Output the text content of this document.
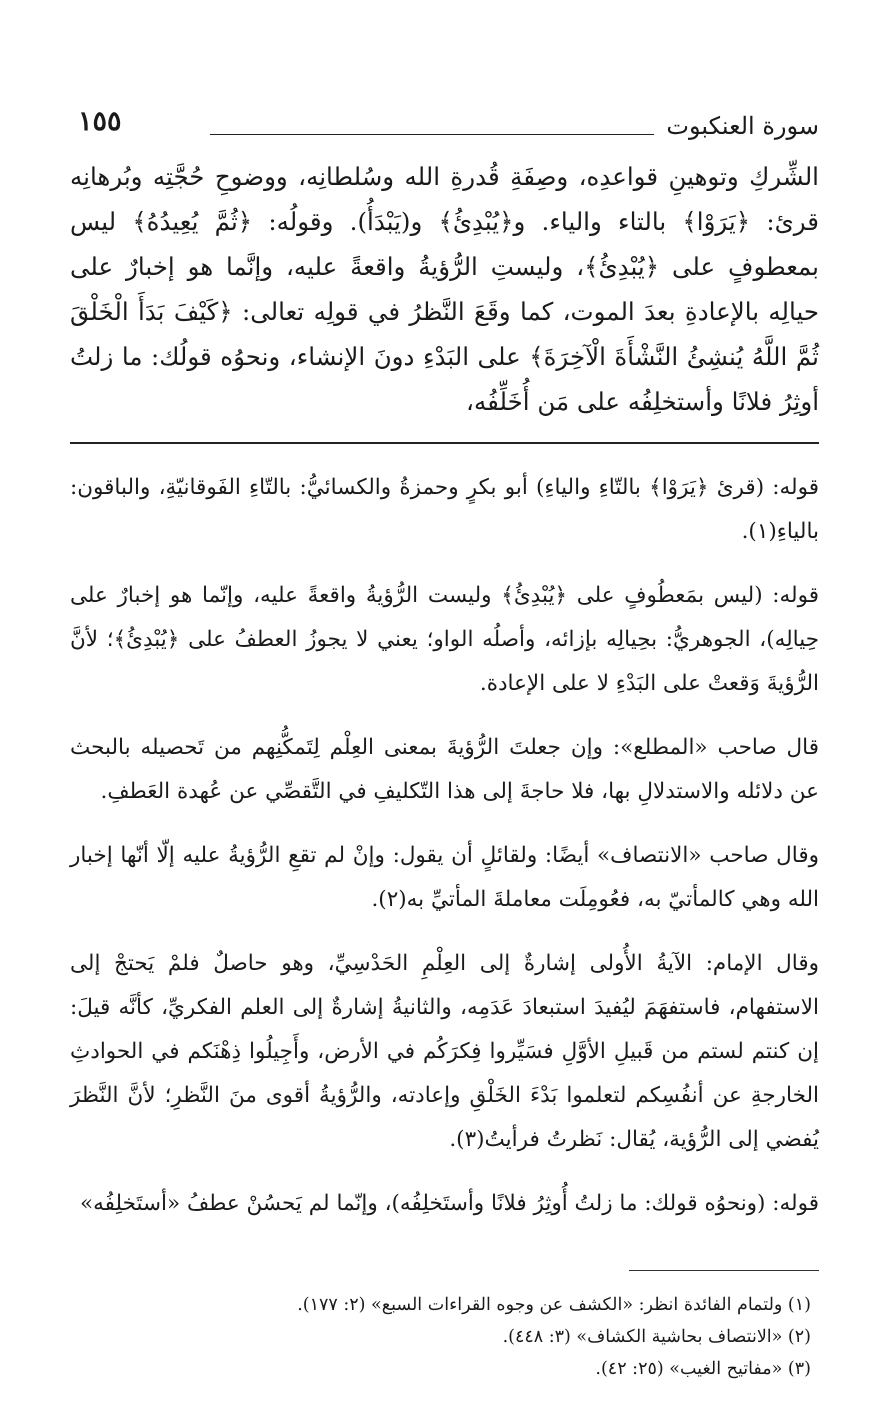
١٥٥	سورة العنكبوت

الشِّركِ وتوهينِ قواعدِه، وصِفَةِ قُدرةِ الله وسُلطانِه، ووضوحِ حُجَّتِه وبُرهانِه قرئ: ﴿يَرَوْا﴾ بالتاء والياء. و﴿يُبْدِئُ﴾ و(يَبْدَأُ). وقولُه: ﴿ثُمَّ يُعِيدُهُ﴾ ليس بمعطوفٍ على ﴿يُبْدِئُ﴾، وليستِ الرُّؤيةُ واقعةً عليه، وإنَّما هو إخبارٌ على حيالِه بالإعادةِ بعدَ الموت، كما وقَعَ النَّظرُ في قولِه تعالى: ﴿كَيْفَ بَدَأَ الْخَلْقَ ثُمَّ اللَّهُ يُنشِئُ النَّشْأَةَ الْآخِرَةَ﴾ على البَدْءِ دونَ الإنشاء، ونحوُه قولُك: ما زلتُ أوثِرُ فلانًا وأستخلِفُه على مَن أُخَلِّفُه،

قوله: (قرئ ﴿يَرَوْا﴾ بالتّاءِ والياءِ) أبو بكرٍ وحمزةُ والكسائيُّ: بالتّاءِ الفَوقانيّةِ، والباقون: بالياءِ(١).

قوله: (ليس بمَعطُوفٍ على ﴿يُبْدِئُ﴾ وليست الرُّؤيةُ واقعةً عليه، وإنّما هو إخبارٌ على حِيالِه)، الجوهريُّ: بحِيالِه بإزائه، وأصلُه الواو؛ يعني لا يجوزُ العطفُ على ﴿يُبْدِئُ﴾؛ لأنَّ الرُّؤيةَ وَقعتْ على البَدْءِ لا على الإعادة.

قال صاحب «المطلع»: وإن جعلتَ الرُّؤيةَ بمعنى العِلْم لِتَمكُّنِهم من تَحصيله بالبحث عن دلائله والاستدلالِ بها، فلا حاجةَ إلى هذا التّكليفِ في التَّقصِّي عن عُهدة العَطفِ.

وقال صاحب «الانتصاف» أيضًا: ولقائلٍ أن يقول: وإنْ لم تقعِ الرُّؤيةُ عليه إلّا أنّها إخبار الله وهي كالمأتيّ به، فعُومِلَت معاملةَ المأتيِّ به(٢).

وقال الإمام: الآيةُ الأُولى إشارةٌ إلى العِلْمِ الحَدْسِيِّ، وهو حاصلٌ فلمْ يَحتجْ إلى الاستفهام، فاستفهَمَ ليُفيدَ استبعادَ عَدَمِه، والثانيةُ إشارةٌ إلى العلم الفكريِّ، كأنَّه قيلَ: إن كنتم لستم من قَبيلِ الأوَّلِ فسَيِّروا فِكرَكُم في الأرض، وأَجِيلُوا ذِهْنَكم في الحوادثِ الخارجةِ عن أنفُسِكم لتعلموا بَدْءَ الخَلْقِ وإعادته، والرُّؤيةُ أقوى منَ النَّظرِ؛ لأنَّ النَّظرَ يُفضي إلى الرُّؤية، يُقال: نَظرتُ فرأيتُ(٣).

قوله: (ونحوُه قولك: ما زلتُ أُوثِرُ فلانًا وأستَخلِفُه)، وإنّما لم يَحسُنْ عطفُ «أستَخلِفُه»

(١) ولتمام الفائدة انظر: «الكشف عن وجوه القراءات السبع» (٢: ١٧٧).
(٢) «الانتصاف بحاشية الكشاف» (٣: ٤٤٨).
(٣) «مفاتيح الغيب» (٢٥: ٤٢).
